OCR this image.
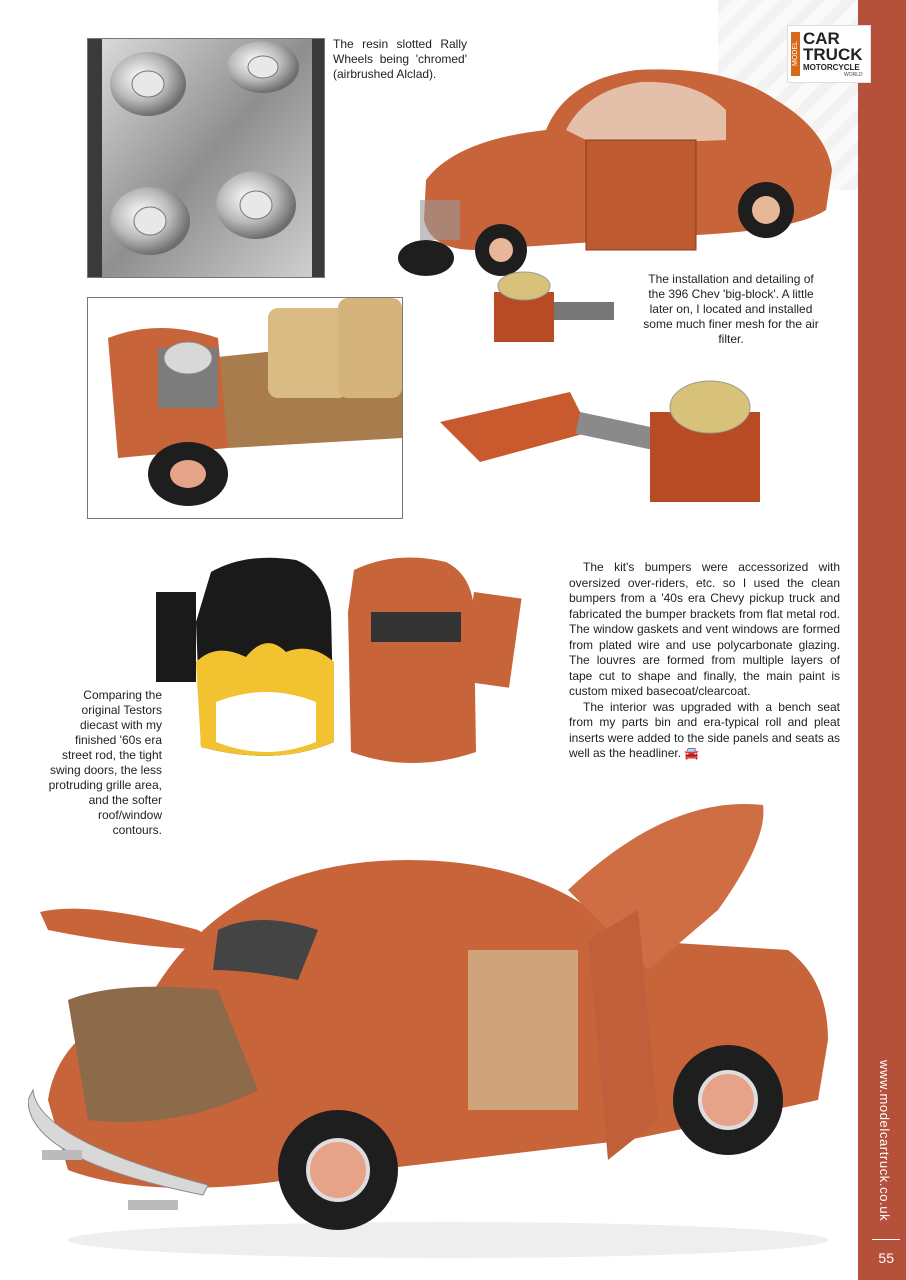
www.modelcartruck.co.uk
55
MODEL
CAR
TRUCK
MOTORCYCLE
WORLD
The resin slotted Rally Wheels being 'chromed' (airbrushed Alclad).
The installation and detailing of the 396 Chev 'big-block'. A little later on, I located and installed some much finer mesh for the air filter.
Comparing the original Testors diecast with my finished '60s era street rod, the tight swing doors, the less protruding grille area, and the softer roof/window contours.

The kit's bumpers were accessorized with oversized over-riders, etc. so I used the clean bumpers from a '40s era Chevy pickup truck and fabricated the bumper brackets from flat metal rod. The window gaskets and vent windows are formed from plated wire and use polycarbonate glazing. The louvres are formed from multiple layers of tape cut to shape and finally, the main paint is custom mixed basecoat/clearcoat.

The interior was upgraded with a bench seat from my parts bin and era-typical roll and pleat inserts were added to the side panels and seats as well as the headliner. 🚘
